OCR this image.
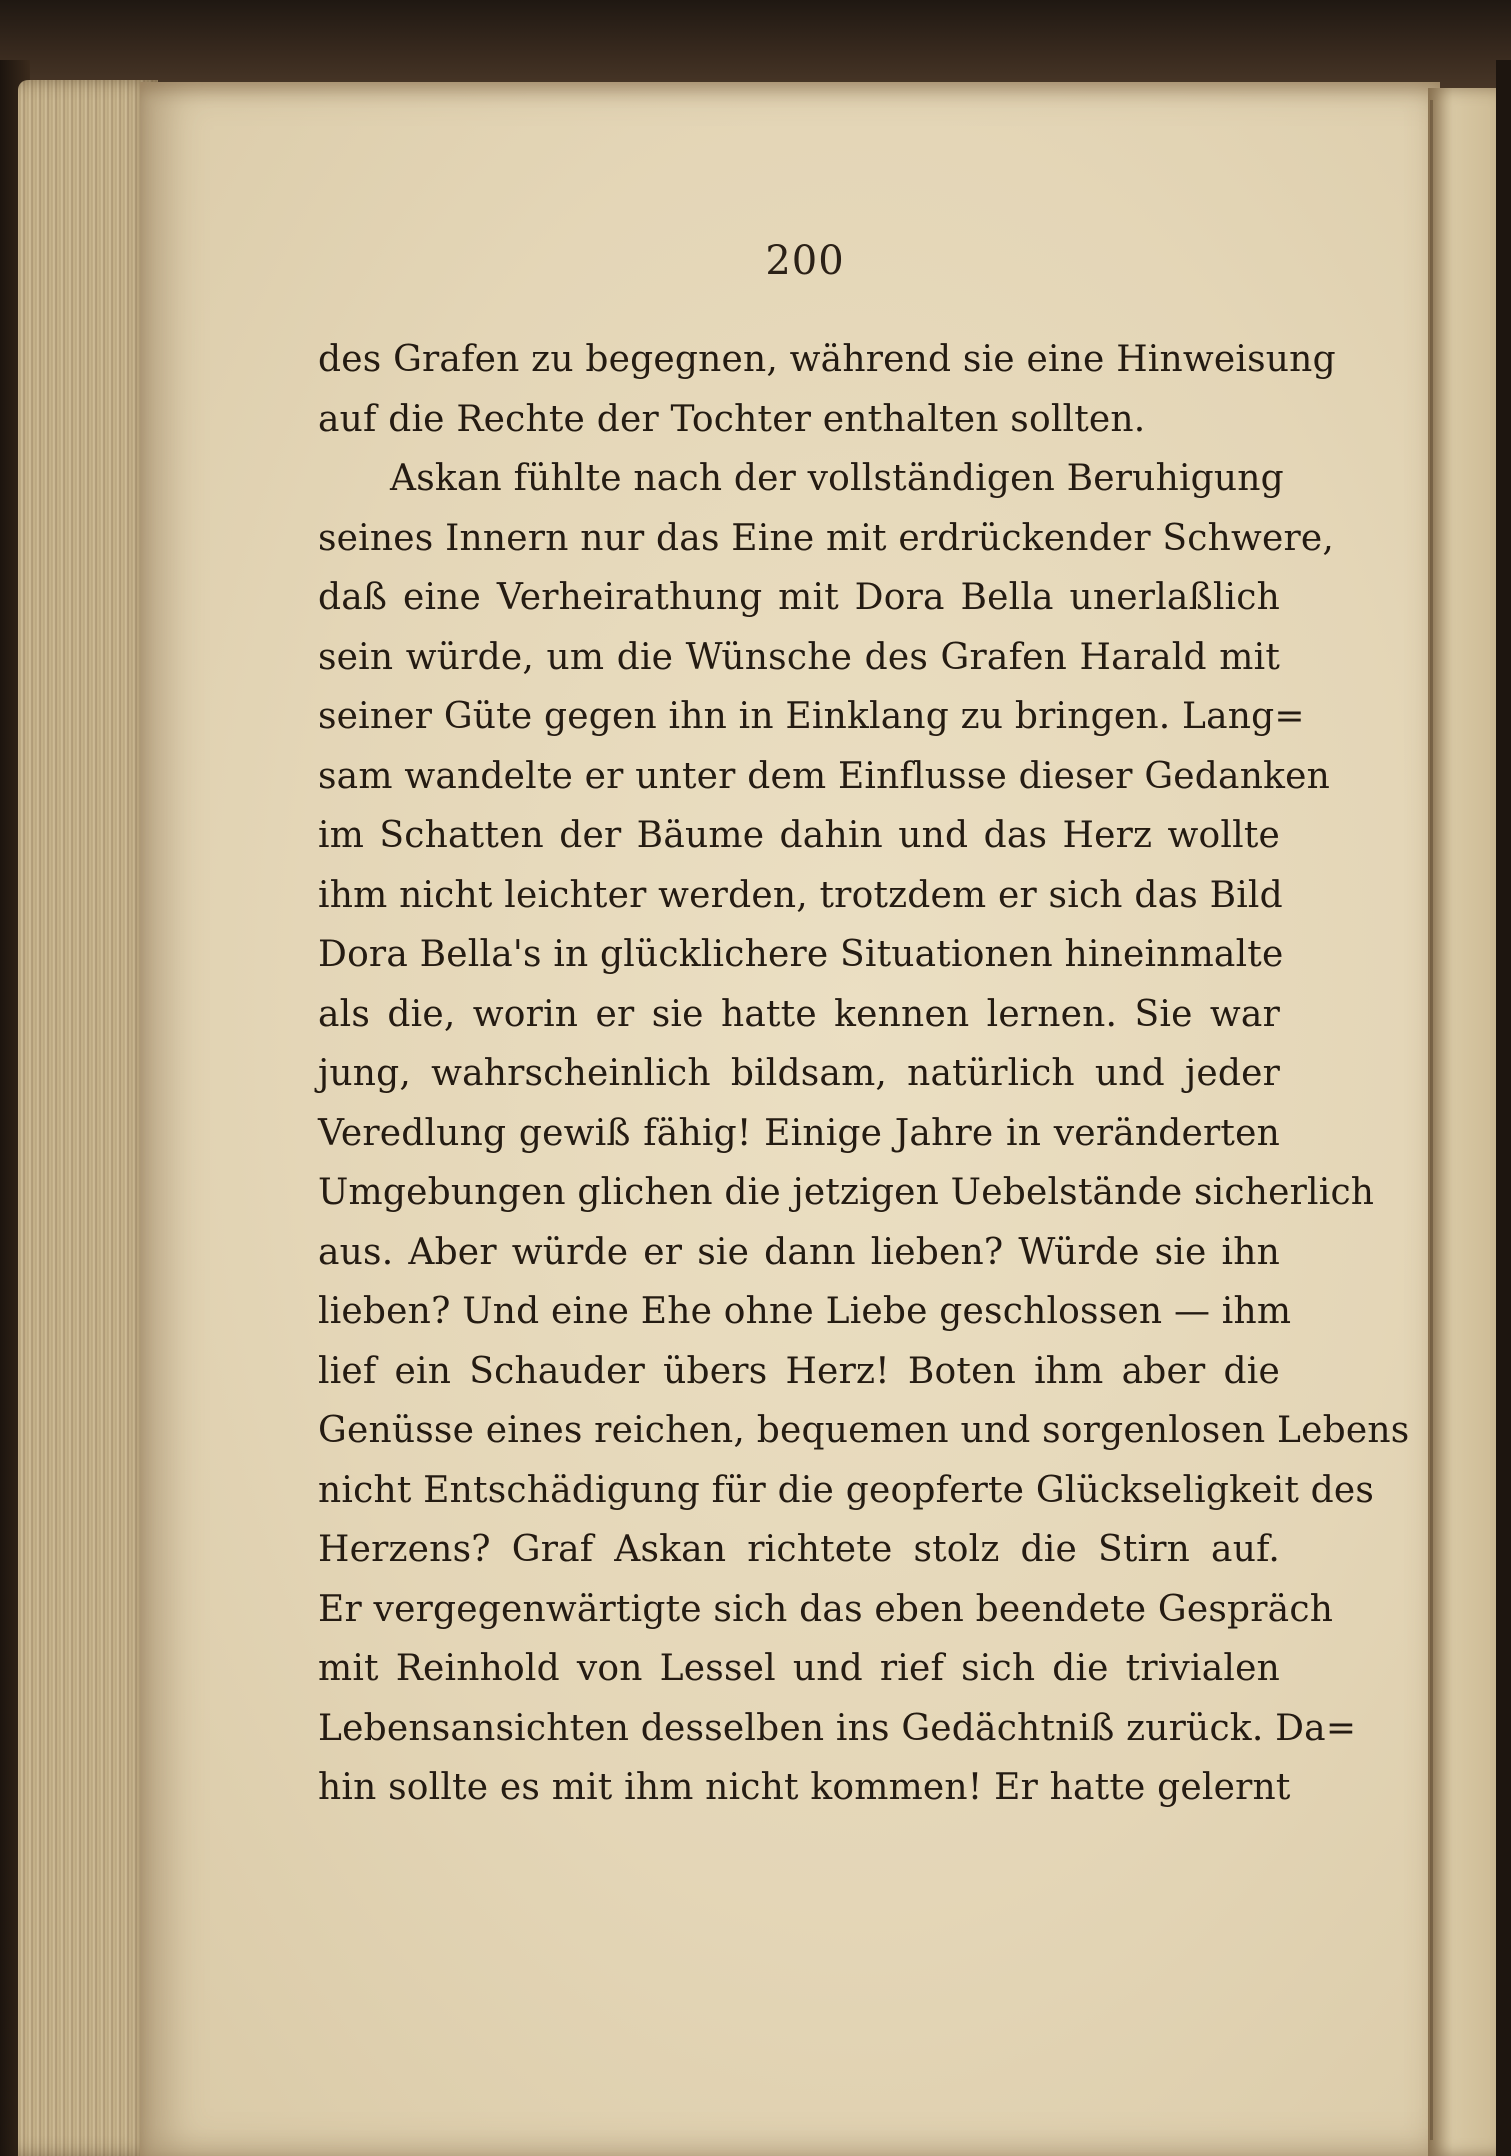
200
des Grafen zu begegnen, während sie eine Hinweisung
auf die Rechte der Tochter enthalten sollten.
Askan fühlte nach der vollständigen Beruhigung
seines Innern nur das Eine mit erdrückender Schwere,
daß eine Verheirathung mit Dora Bella unerlaßlich
sein würde, um die Wünsche des Grafen Harald mit
seiner Güte gegen ihn in Einklang zu bringen. Lang=
sam wandelte er unter dem Einflusse dieser Gedanken
im Schatten der Bäume dahin und das Herz wollte
ihm nicht leichter werden, trotzdem er sich das Bild
Dora Bella's in glücklichere Situationen hineinmalte
als die, worin er sie hatte kennen lernen. Sie war
jung, wahrscheinlich bildsam, natürlich und jeder
Veredlung gewiß fähig! Einige Jahre in veränderten
Umgebungen glichen die jetzigen Uebelstände sicherlich
aus. Aber würde er sie dann lieben? Würde sie ihn
lieben? Und eine Ehe ohne Liebe geschlossen — ihm
lief ein Schauder übers Herz! Boten ihm aber die
Genüsse eines reichen, bequemen und sorgenlosen Lebens
nicht Entschädigung für die geopferte Glückseligkeit des
Herzens? Graf Askan richtete stolz die Stirn auf.
Er vergegenwärtigte sich das eben beendete Gespräch
mit Reinhold von Lessel und rief sich die trivialen
Lebensansichten desselben ins Gedächtniß zurück. Da=
hin sollte es mit ihm nicht kommen! Er hatte gelernt
